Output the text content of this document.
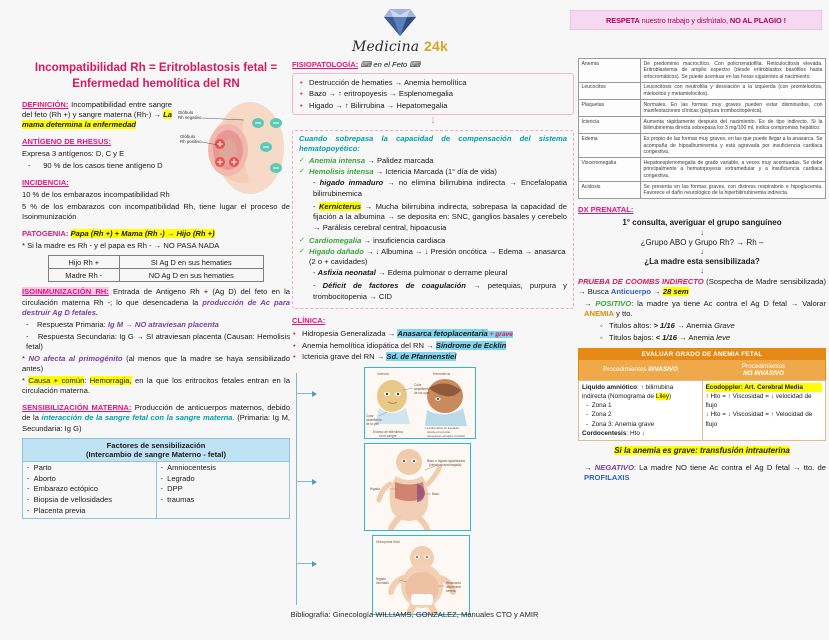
Medicina 24k
RESPETA nuestro trabajo y disfrútalo, NO AL PLAGIO !
Incompatibilidad Rh = Eritroblastosis fetal = Enfermedad hemolítica del RN
Glóbulo
Rh negativo
Glóbulo
Rh positivo

DEFINICIÓN: Incompatibilidad entre sangre del feto (Rh +) y sangre materna (Rh-) → La mama determina la enfermedad

ANTÍGENO DE RHESUS:

Expresa 3 antígenos: D, C y E

-      90 % de los casos tiene antígeno D

INCIDENCIA:

10 % de los embarazos incompatibilidad Rh

5 % de los embarazos con incompatibilidad Rh, tiene lugar el proceso de Isoinmunización

PATOGENIA: Papa (Rh +) + Mama (Rh -) → Hijo (Rh +)

* Si la madre es Rh - y el papa es Rh - → NO PASA NADA

Hijo Rh +	SI Ag D en sus hematies
Madre Rh -	NO Ag D en sus hematies

ISOINMUNIZACIÓN RH: Entrada de Antigeno Rh + (Ag D) del feto en la circulación materna Rh -; lo que desencadena la producción de Ac para destruir Ag D fetales.

-    Respuesta Primaria: Ig M → NO atraviesan placenta

-    Respuesta Secundaria: Ig G → SI atraviesan placenta (Causan: Hemolisis fetal)

* NO afecta al primogénito (al menos que la madre se haya sensibilizado antes)

* Causa + común: Hemorragia, en la que los eritrocitos fetales entran en la circulación materna.

SENSIBILIZACIÓN MATERNA: Producción de anticuerpos maternos, debido de la interacción de la sangre fetal con la sangre materna. (Primaria: Ig M, Secundaria: Ig G)

Factores de sensibilización
(Intercambio de sangre Materno - fetal)

- Parto
- Aborto
- Embarazo ectópico
- Biopsia de vellosidades
- Placenta previa

- Amniocentesis
- Legrado
- DPP
- traumas

FISIOPATOLOGÍA: ⌨ en el Feto ⌨

• Destrucción de hematies → Anemia hemolítica
• Bazo → ↑ eritropoyesis → Esplenomegalia
• Higado → ↑ Bilirrubina → Hepatomegalia
↓

Cuando sobrepasa la capacidad de compensación del sistema hematopoyético:

✓ Anemia intensa → Palidez marcada
✓ Hemolisis intensa → Ictericia Marcada (1° día de vida)

- higado inmaduro → no elimina bilirrubina indirecta → Encefalopatia bilirrubinemica

- Kernicterus → Mucha bilirrubina indirecta, sobrepasa la capacidad de fijación a la albumina → se deposita en: SNC, ganglios basales y cerebelo → Parálisis cerebral central, hipoacusia

✓ Cardiomegalia → insuficiencia cardiaca
✓ Higado dañado → ↓ Albumina → ↓ Presión oncótica → Edema → anasarca (2 o + cavidades)

- Asfixia neonatal → Edema pulmonar o derrame pleural

- Déficit de factores de coagulación → petequias, purpura y trombocitopenia → CID

CLÍNICA:

• Hidropesia Generalizada → Anasarca fetoplacentaria + grave
• Anemia hemolítica idiopática del RN → Síndrome de Ecklin
• Ictericia grave del RN → Sd. de Pfannenstiel
Ictericia	Kernicterus
Color
amarillento
de los ojos
Color
amarillento
de la piel
Exceso de bilirrubina
en la sangre
La bilirrubina se traslada
desde el torrente
sanguineo al tejido cerebral
Higado
Bazo
Bazo e higado agrandados
(hepatosplenomegalia)
Hidropesia fetal
Higado
hinchado	Hinchazón
abdominal
severa
Anemia	De predominio macrocítico. Con policromatofilia. Reticulocitosis elevada. Eritroblastemia de amplio espectro (desde eritroblastos basófilos hasta ortocromáticos). Se puede acentuar en las horas siguientes al nacimiento.
Leucocitos	Leucocitosis con neutrofilia y desviación a la izquierda (con promielocitos, mielocitos y metamielocitos).
Plaquetas	Normales. En las formas muy graves pueden estar disminuidas, con manifestaciones clínicas (púrpura trombocitopénica).
Ictericia	Aumenta rápidamente después del nacimiento. Es de tipo indirecto. Si la bilirrubinemia directa sobrepasa los 3 mg/100 ml, indica compromiso hepático.
Edema	Es propio de las formas muy graves, en las que puede llegar a la anasarca. Se acompaña de hipoalbuminemia y está agravada por insuficiencia cardiaca congestiva.
Visceromegalia	Hepatoesplenomegalia de grado variable, a veces muy acentuadas. Se debe principalmente a hematopoyesis extramedular y a insuficiencia cardiaca congestiva.
Acidosis	Se presenta en las formas graves, con distress respiratorio e hipoglucemia. Favorece el daño neurológico de la hiperbilirrubinemia indirecta.

DX PRENATAL:

1° consulta, averiguar el grupo sanguíneo
↓
¿Grupo ABO y Grupo Rh? → Rh –
↓
¿La madre esta sensibilizada?
↓

PRUEBA DE COOMBS INDIRECTO (Sospecha de Madre sensibilizada) → Busca Anticuerpo → 28 sem

→ POSITIVO: la madre ya tiene Ac contra el Ag D fetal → Valorar ANEMIA y tto.

◦   Titulos altos: > 1/16 → Anemia Grave

◦   Titulos bajos: < 1/16 → Anemia leve

EVALUAR GRADO DE ANEMIA FETAL	
Procedimientos INVASIVO	Procedimientos
NO INVASIVO

Liquido amniótico: ↑ bilirrubina indirecta (Nomograma de Liley)
-  Zona 1
-  Zona 2
-  Zona 3: Anemia grave
Cordocentesis: Hto ↓

Ecodoppler: Art. Cerebral Media
↑ Hto = ↑ Viscosidad = ↓ velocidad de flujo
↓ Hto = ↓ Viscosidad = ↑ Velocidad de flujo

Si la anemia es grave: transfusión intrauterina

→ NEGATIVO: La madre NO tiene Ac contra el Ag D fetal → tto. de PROFILAXIS

Bibliografía: Ginecología WILLIAMS, GONZALEZ, Manuales CTO y AMIR
